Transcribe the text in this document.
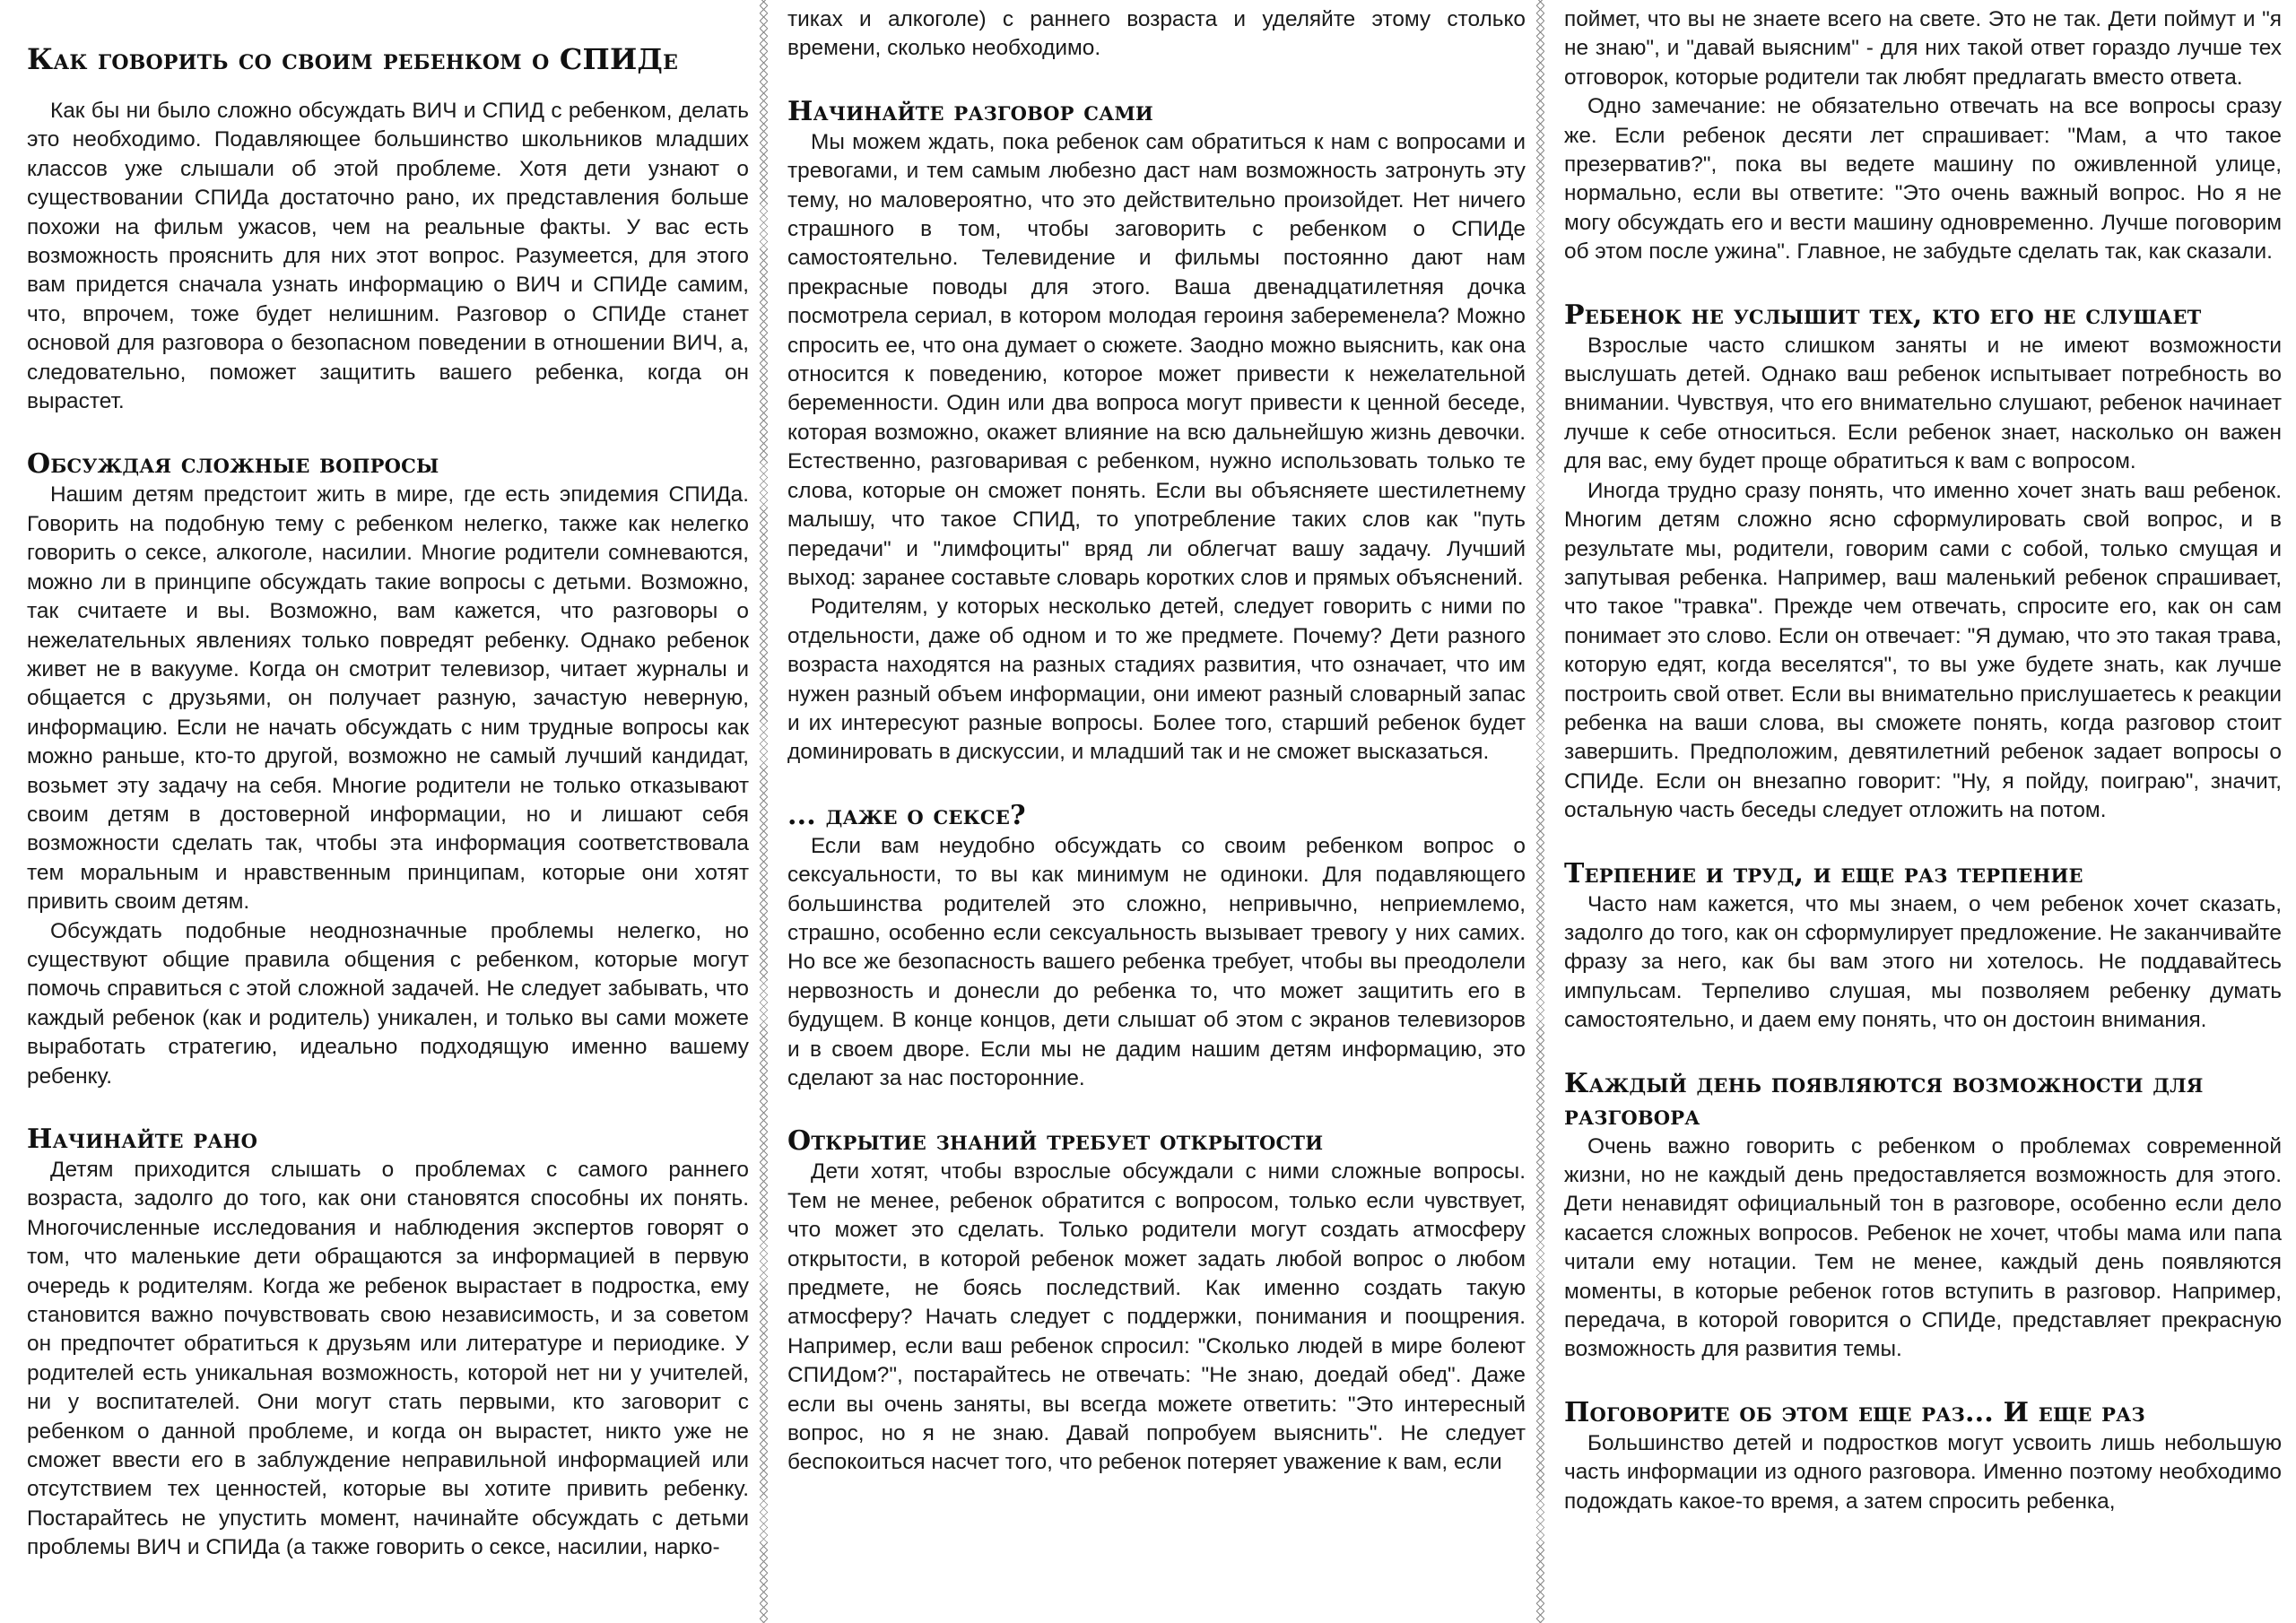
Как говорить со своим ребенком о СПИДе

Как бы ни было сложно обсуждать ВИЧ и СПИД с ребенком, делать это необходимо. Подавляющее большинство школьников младших классов уже слышали об этой проблеме. Хотя дети узнают о существовании СПИДа достаточно рано, их представления больше похожи на фильм ужасов, чем на реальные факты. У вас есть возможность прояснить для них этот вопрос. Разумеется, для этого вам придется сначала узнать информацию о ВИЧ и СПИДе самим, что, впрочем, тоже будет нелишним. Разговор о СПИДе станет основой для разговора о безопасном поведении в отношении ВИЧ, а, следовательно, поможет защитить вашего ребенка, когда он вырастет.

Обсуждая сложные вопросы

Нашим детям предстоит жить в мире, где есть эпидемия СПИДа. Говорить на подобную тему с ребенком нелегко, также как нелегко говорить о сексе, алкоголе, насилии. Многие родители сомневаются, можно ли в принципе обсуждать такие вопросы с детьми. Возможно, так считаете и вы. Возможно, вам кажется, что разговоры о нежелательных явлениях только повредят ребенку. Однако ребенок живет не в вакууме. Когда он смотрит телевизор, читает журналы и общается с друзьями, он получает разную, зачастую неверную, информацию. Если не начать обсуждать с ним трудные вопросы как можно раньше, кто-то другой, возможно не самый лучший кандидат, возьмет эту задачу на себя. Многие родители не только отказывают своим детям в достоверной информации, но и лишают себя возможности сделать так, чтобы эта информация соответствовала тем моральным и нравственным принципам, которые они хотят привить своим детям.

Обсуждать подобные неоднозначные проблемы нелегко, но существуют общие правила общения с ребенком, которые могут помочь справиться с этой сложной задачей. Не следует забывать, что каждый ребенок (как и родитель) уникален, и только вы сами можете выработать стратегию, идеально подходящую именно вашему ребенку.

Начинайте рано

Детям приходится слышать о проблемах с самого раннего возраста, задолго до того, как они становятся способны их понять. Многочисленные исследования и наблюдения экспертов говорят о том, что маленькие дети обращаются за информацией в первую очередь к родителям. Когда же ребенок вырастает в подростка, ему становится важно почувствовать свою независимость, и за советом он предпочтет обратиться к друзьям или литературе и периодике. У родителей есть уникальная возможность, которой нет ни у учителей, ни у воспитателей. Они могут стать первыми, кто заговорит с ребенком о данной проблеме, и когда он вырастет, никто уже не сможет ввести его в заблуждение неправильной информацией или отсутствием тех ценностей, которые вы хотите привить ребенку. Постарайтесь не упустить момент, начинайте обсуждать с детьми проблемы ВИЧ и СПИДа (а также говорить о сексе, насилии, нарко-

тиках и алкоголе) с раннего возраста и уделяйте этому столько времени, сколько необходимо.

Начинайте разговор сами

Мы можем ждать, пока ребенок сам обратиться к нам с вопросами и тревогами, и тем самым любезно даст нам возможность затронуть эту тему, но маловероятно, что это действительно произойдет. Нет ничего страшного в том, чтобы заговорить с ребенком о СПИДе самостоятельно. Телевидение и фильмы постоянно дают нам прекрасные поводы для этого. Ваша двенадцатилетняя дочка посмотрела сериал, в котором молодая героиня забеременела? Можно спросить ее, что она думает о сюжете. Заодно можно выяснить, как она относится к поведению, которое может привести к нежелательной беременности. Один или два вопроса могут привести к ценной беседе, которая возможно, окажет влияние на всю дальнейшую жизнь девочки. Естественно, разговаривая с ребенком, нужно использовать только те слова, которые он сможет понять. Если вы объясняете шестилетнему малышу, что такое СПИД, то употребление таких слов как "путь передачи" и "лимфоциты" вряд ли облегчат вашу задачу. Лучший выход: заранее составьте словарь коротких слов и прямых объяснений.

Родителям, у которых несколько детей, следует говорить с ними по отдельности, даже об одном и то же предмете. Почему? Дети разного возраста находятся на разных стадиях развития, что означает, что им нужен разный объем информации, они имеют разный словарный запас и их интересуют разные вопросы. Более того, старший ребенок будет доминировать в дискуссии, и младший так и не сможет высказаться.

... даже о сексе?

Если вам неудобно обсуждать со своим ребенком вопрос о сексуальности, то вы как минимум не одиноки. Для подавляющего большинства родителей это сложно, непривычно, неприемлемо, страшно, особенно если сексуальность вызывает тревогу у них самих. Но все же безопасность вашего ребенка требует, чтобы вы преодолели нервозность и донесли до ребенка то, что может защитить его в будущем. В конце концов, дети слышат об этом с экранов телевизоров и в своем дворе. Если мы не дадим нашим детям информацию, это сделают за нас посторонние.

Открытие знаний требует открытости

Дети хотят, чтобы взрослые обсуждали с ними сложные вопросы. Тем не менее, ребенок обратится с вопросом, только если чувствует, что может это сделать. Только родители могут создать атмосферу открытости, в которой ребенок может задать любой вопрос о любом предмете, не боясь последствий. Как именно создать такую атмосферу? Начать следует с поддержки, понимания и поощрения. Например, если ваш ребенок спросил: "Сколько людей в мире болеют СПИДом?", постарайтесь не отвечать: "Не знаю, доедай обед". Даже если вы очень заняты, вы всегда можете ответить: "Это интересный вопрос, но я не знаю. Давай попробуем выяснить". Не следует беспокоиться насчет того, что ребенок потеряет уважение к вам, если

поймет, что вы не знаете всего на свете. Это не так. Дети поймут и "я не знаю", и "давай выясним" - для них такой ответ гораздо лучше тех отговорок, которые родители так любят предлагать вместо ответа.

Одно замечание: не обязательно отвечать на все вопросы сразу же. Если ребенок десяти лет спрашивает: "Мам, а что такое презерватив?", пока вы ведете машину по оживленной улице, нормально, если вы ответите: "Это очень важный вопрос. Но я не могу обсуждать его и вести машину одновременно. Лучше поговорим об этом после ужина". Главное, не забудьте сделать так, как сказали.

Ребенок не услышит тех, кто его не слушает

Взрослые часто слишком заняты и не имеют возможности выслушать детей. Однако ваш ребенок испытывает потребность во внимании. Чувствуя, что его внимательно слушают, ребенок начинает лучше к себе относиться. Если ребенок знает, насколько он важен для вас, ему будет проще обратиться к вам с вопросом.

Иногда трудно сразу понять, что именно хочет знать ваш ребенок. Многим детям сложно ясно сформулировать свой вопрос, и в результате мы, родители, говорим сами с собой, только смущая и запутывая ребенка. Например, ваш маленький ребенок спрашивает, что такое "травка". Прежде чем отвечать, спросите его, как он сам понимает это слово. Если он отвечает: "Я думаю, что это такая трава, которую едят, когда веселятся", то вы уже будете знать, как лучше построить свой ответ. Если вы внимательно прислушаетесь к реакции ребенка на ваши слова, вы сможете понять, когда разговор стоит завершить. Предположим, девятилетний ребенок задает вопросы о СПИДе. Если он внезапно говорит: "Ну, я пойду, поиграю", значит, остальную часть беседы следует отложить на потом.

Терпение и труд, и еще раз терпение

Часто нам кажется, что мы знаем, о чем ребенок хочет сказать, задолго до того, как он сформулирует предложение. Не заканчивайте фразу за него, как бы вам этого ни хотелось. Не поддавайтесь импульсам. Терпеливо слушая, мы позволяем ребенку думать самостоятельно, и даем ему понять, что он достоин внимания.

Каждый день появляются возможности для разговора

Очень важно говорить с ребенком о проблемах современной жизни, но не каждый день предоставляется возможность для этого. Дети ненавидят официальный тон в разговоре, особенно если дело касается сложных вопросов. Ребенок не хочет, чтобы мама или папа читали ему нотации. Тем не менее, каждый день появляются моменты, в которые ребенок готов вступить в разговор. Например, передача, в которой говорится о СПИДе, представляет прекрасную возможность для развития темы.

Поговорите об этом еще раз... И еще раз

Большинство детей и подростков могут усвоить лишь небольшую часть информации из одного разговора. Именно поэтому необходимо подождать какое-то время, а затем спросить ребенка,
